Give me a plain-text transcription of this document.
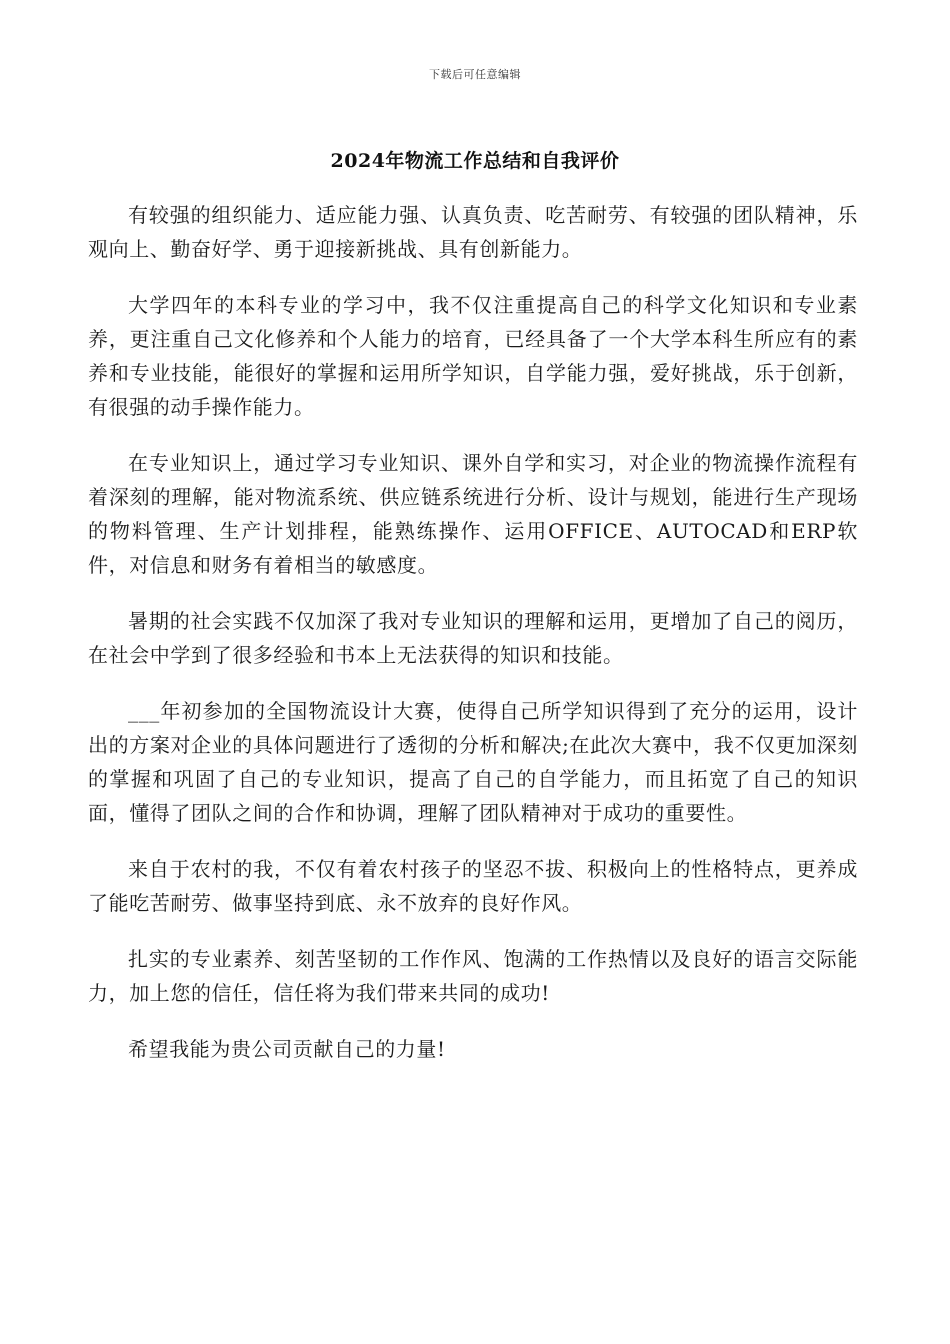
下载后可任意编辑
2024年物流工作总结和自我评价

有较强的组织能力、适应能力强、认真负责、吃苦耐劳、有较强的团队精神，乐观向上、勤奋好学、勇于迎接新挑战、具有创新能力。

大学四年的本科专业的学习中，我不仅注重提高自己的科学文化知识和专业素养，更注重自己文化修养和个人能力的培育，已经具备了一个大学本科生所应有的素养和专业技能，能很好的掌握和运用所学知识，自学能力强，爱好挑战，乐于创新，有很强的动手操作能力。

在专业知识上，通过学习专业知识、课外自学和实习，对企业的物流操作流程有着深刻的理解，能对物流系统、供应链系统进行分析、设计与规划，能进行生产现场的物料管理、生产计划排程，能熟练操作、运用OFFICE、AUTOCAD和ERP软件，对信息和财务有着相当的敏感度。

暑期的社会实践不仅加深了我对专业知识的理解和运用，更增加了自己的阅历，在社会中学到了很多经验和书本上无法获得的知识和技能。

___年初参加的全国物流设计大赛，使得自己所学知识得到了充分的运用，设计出的方案对企业的具体问题进行了透彻的分析和解决;在此次大赛中，我不仅更加深刻的掌握和巩固了自己的专业知识，提高了自己的自学能力，而且拓宽了自己的知识面，懂得了团队之间的合作和协调，理解了团队精神对于成功的重要性。

来自于农村的我，不仅有着农村孩子的坚忍不拔、积极向上的性格特点，更养成了能吃苦耐劳、做事坚持到底、永不放弃的良好作风。

扎实的专业素养、刻苦坚韧的工作作风、饱满的工作热情以及良好的语言交际能力，加上您的信任，信任将为我们带来共同的成功!

希望我能为贵公司贡献自己的力量!
